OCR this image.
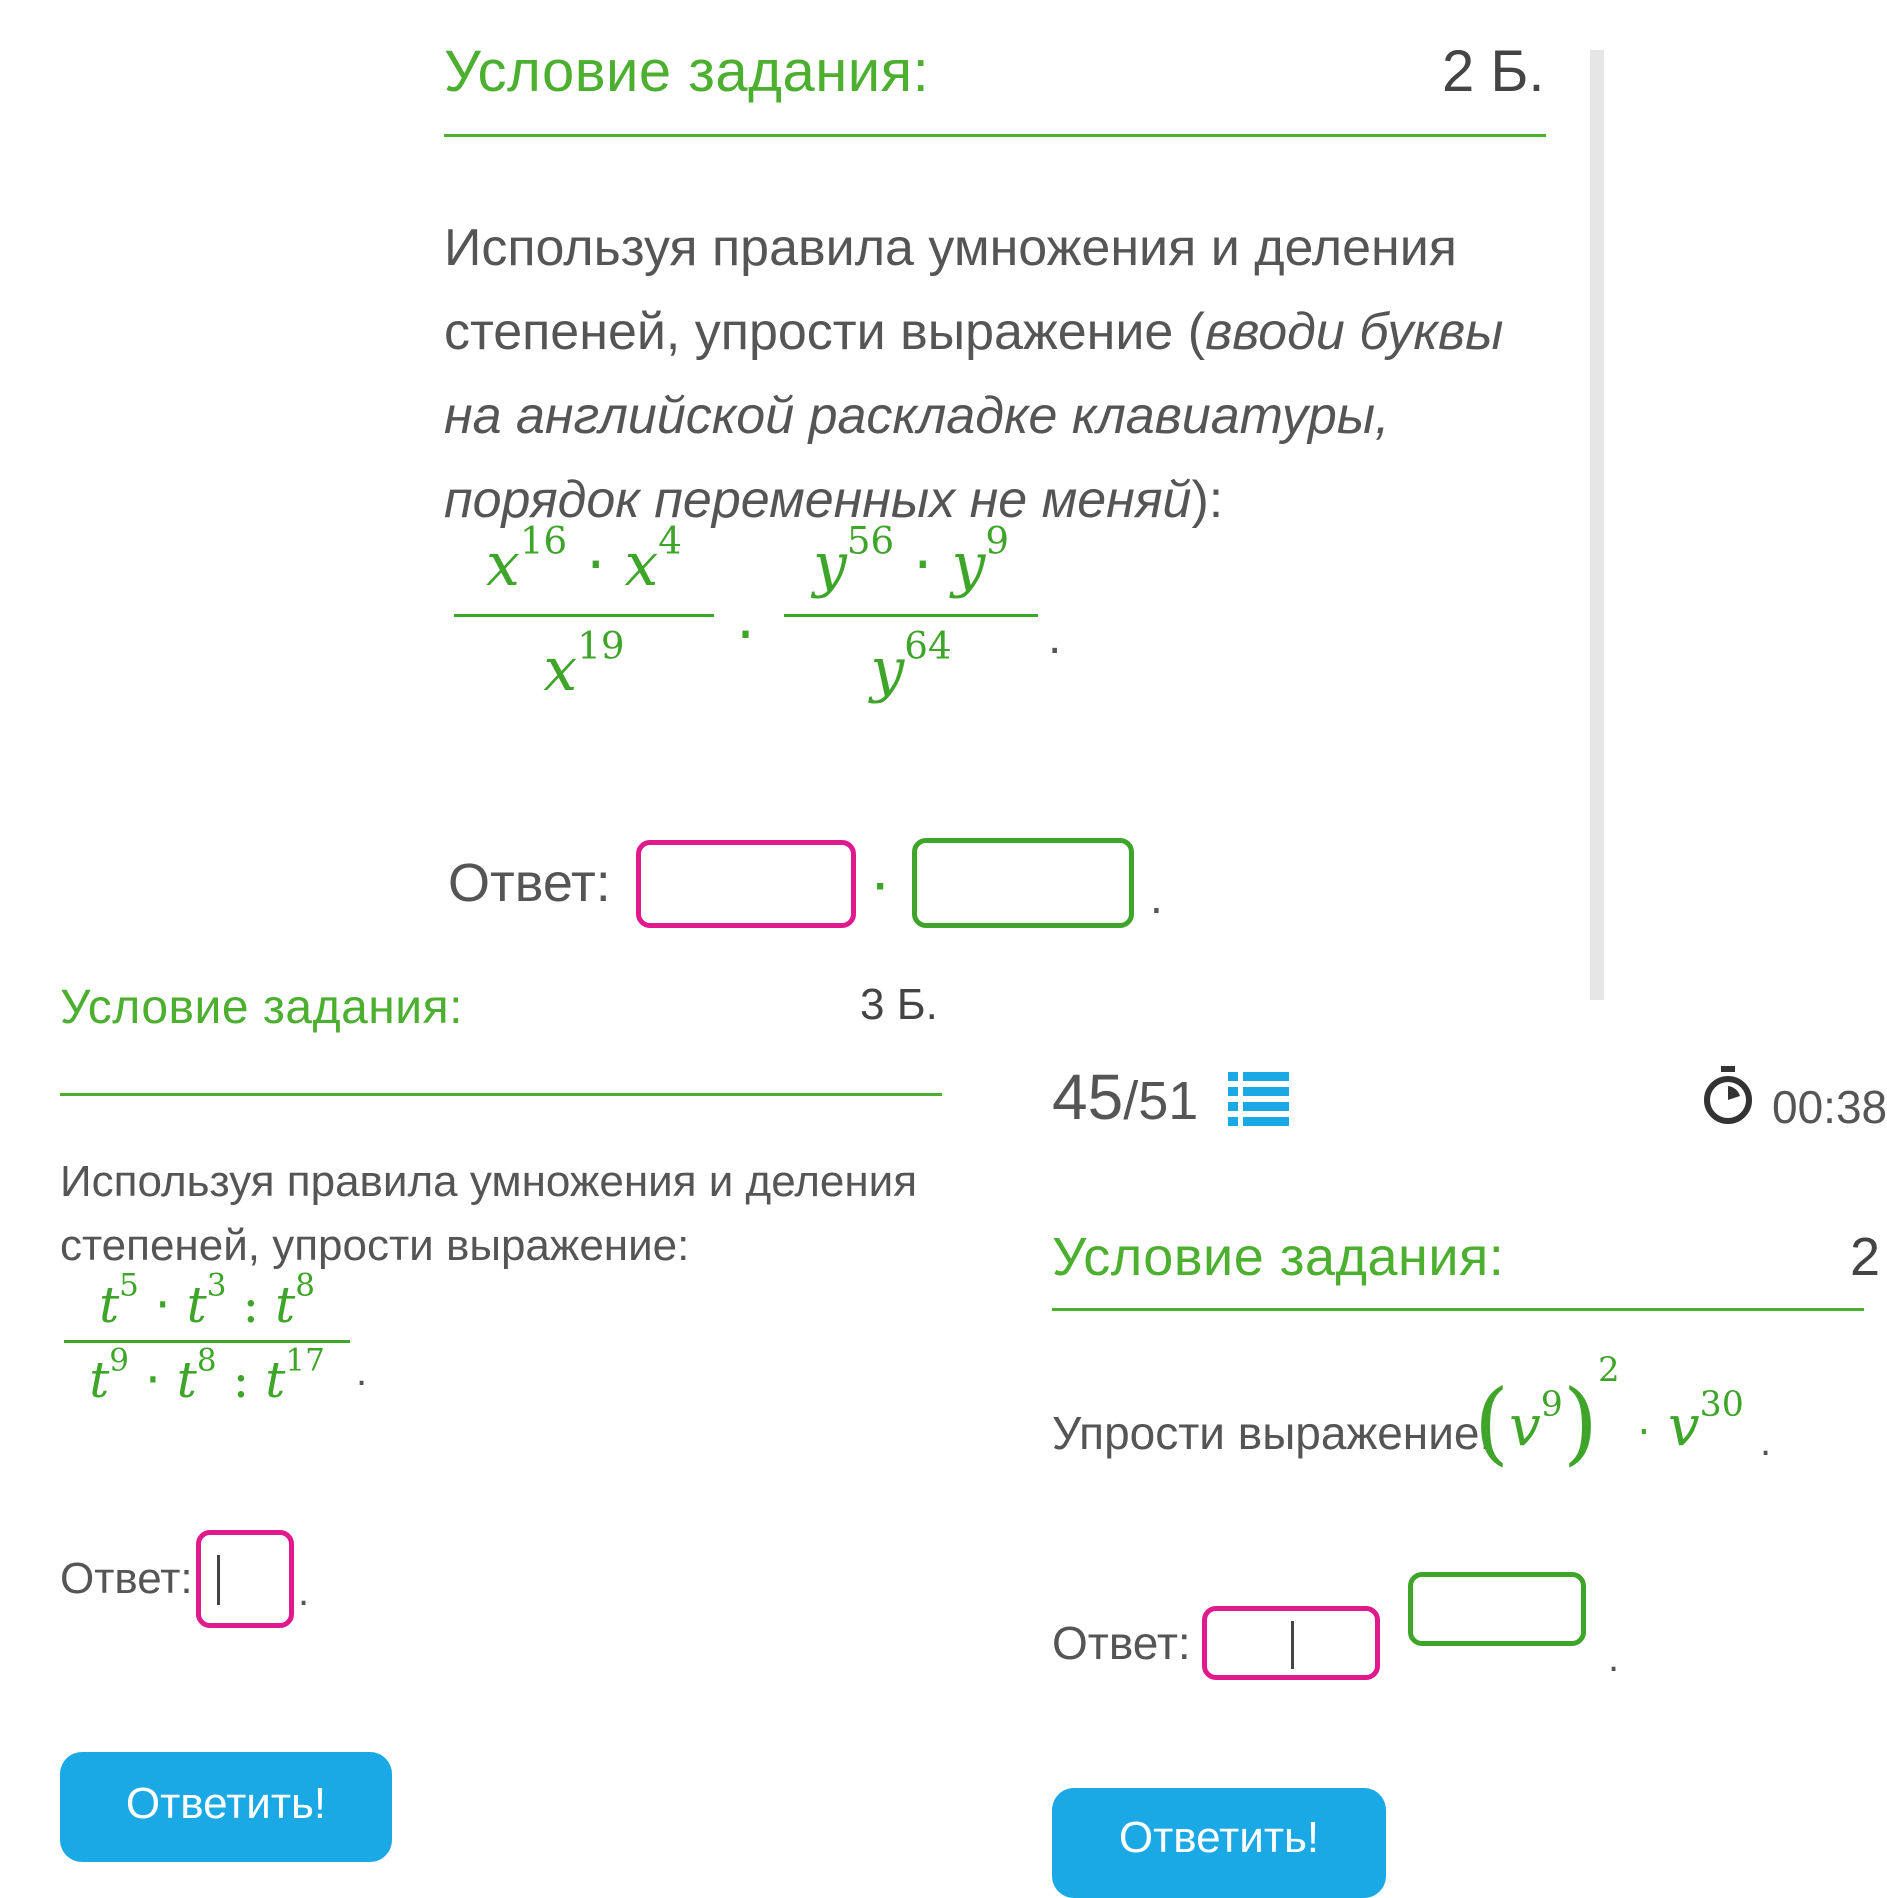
Условие задания:	2 Б.
Используя правила умножения и деления
степеней, упрости выражение (вводи буквы
на английской раскладке клавиатуры,
порядок переменных не меняй):
$x^{16} \cdot x^4$
$x^{19}$	·
$y^{56} \cdot y^9$
$y^{64}$	.
Ответ:	·	.
Условие задания:	3 Б.
Используя правила умножения и деления
степеней, упрости выражение:
$t^5 \cdot t^3$ : $t^8$
$t^9 \cdot t^8$ : $t^{17}$ .
Ответ:	.
Ответить!
45/51	00:38
Условие задания:	2
Упрости выражение:
$(v^9)^2 \cdot v^{30}$
.
Ответ:	.
Ответить!
